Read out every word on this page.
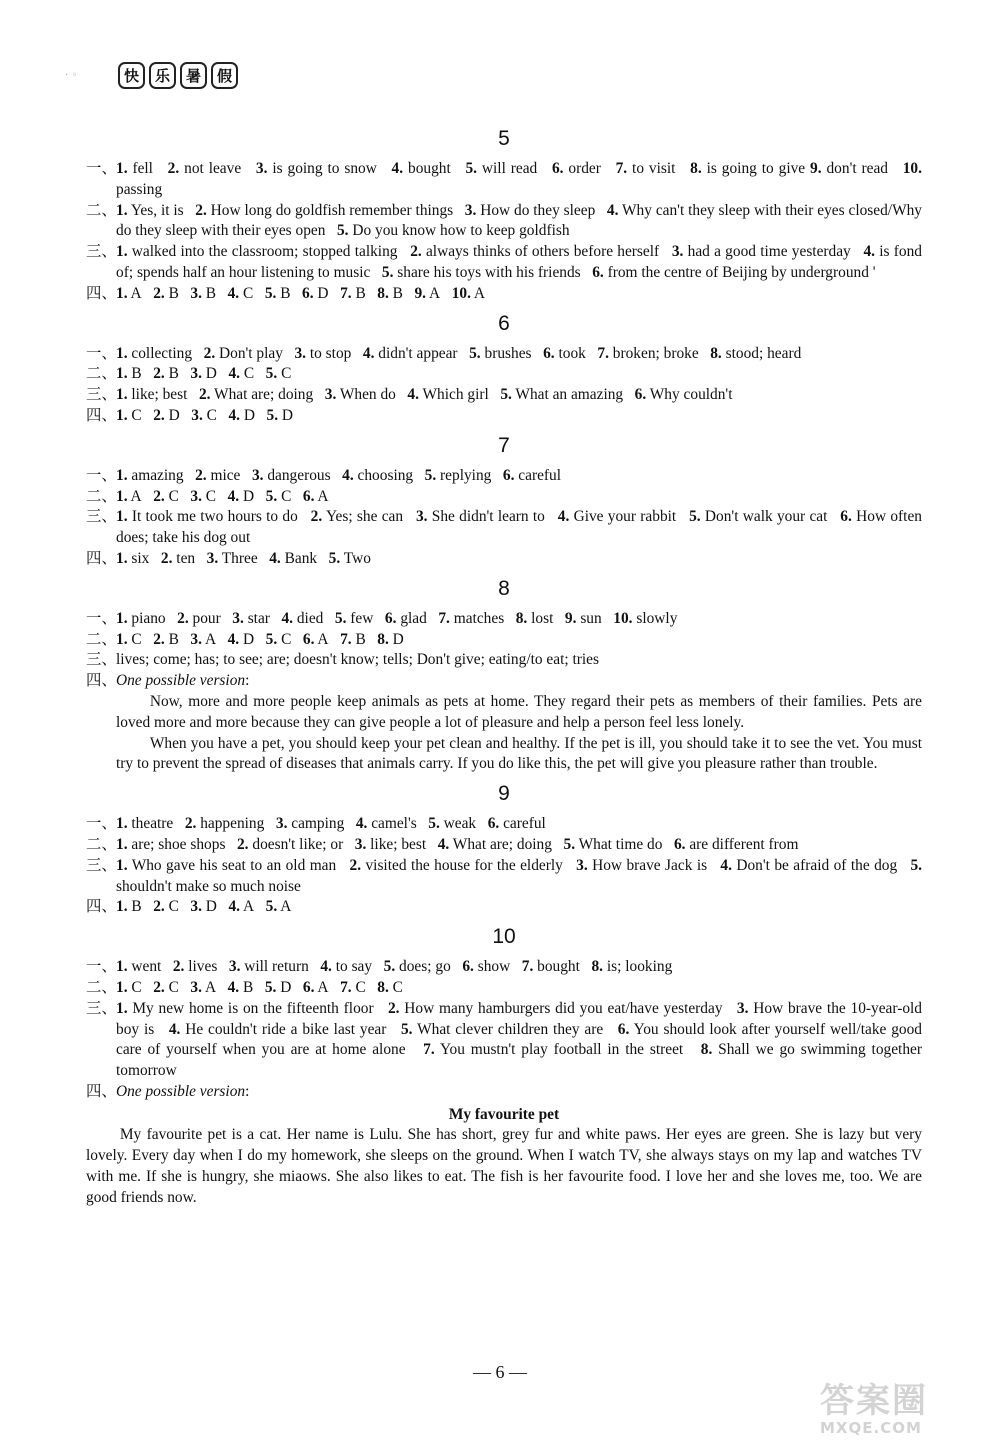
· ◦	快	乐	暑	假
5
一、 1. fell   2. not leave   3. is going to snow   4. bought   5. will read   6. order   7. to visit   8. is going to give 9. don't read   10. passing
二、 1. Yes, it is   2. How long do goldfish remember things   3. How do they sleep   4. Why can't they sleep with their eyes closed/Why do they sleep with their eyes open   5. Do you know how to keep goldfish
三、 1. walked into the classroom; stopped talking   2. always thinks of others before herself   3. had a good time yesterday   4. is fond of; spends half an hour listening to music   5. share his toys with his friends   6. from the centre of Beijing by underground '
四、 1. A   2. B   3. B   4. C   5. B   6. D   7. B   8. B   9. A   10. A
6
一、 1. collecting   2. Don't play   3. to stop   4. didn't appear   5. brushes   6. took   7. broken; broke   8. stood; heard
二、 1. B   2. B   3. D   4. C   5. C
三、 1. like; best   2. What are; doing   3. When do   4. Which girl   5. What an amazing   6. Why couldn't
四、 1. C   2. D   3. C   4. D   5. D
7
一、 1. amazing   2. mice   3. dangerous   4. choosing   5. replying   6. careful
二、 1. A   2. C   3. C   4. D   5. C   6. A
三、 1. It took me two hours to do   2. Yes; she can   3. She didn't learn to   4. Give your rabbit   5. Don't walk your cat   6. How often does; take his dog out
四、 1. six   2. ten   3. Three   4. Bank   5. Two
8
一、 1. piano   2. pour   3. star   4. died   5. few   6. glad   7. matches   8. lost   9. sun   10. slowly
二、 1. C   2. B   3. A   4. D   5. C   6. A   7. B   8. D
三、 lives; come; has; to see; are; doesn't know; tells; Don't give; eating/to eat; tries
四、 One possible version:

Now, more and more people keep animals as pets at home. They regard their pets as members of their families. Pets are loved more and more because they can give people a lot of pleasure and help a person feel less lonely.

When you have a pet, you should keep your pet clean and healthy. If the pet is ill, you should take it to see the vet. You must try to prevent the spread of diseases that animals carry. If you do like this, the pet will give you pleasure rather than trouble.

9
一、 1. theatre   2. happening   3. camping   4. camel's   5. weak   6. careful
二、 1. are; shoe shops   2. doesn't like; or   3. like; best   4. What are; doing   5. What time do   6. are different from
三、 1. Who gave his seat to an old man   2. visited the house for the elderly   3. How brave Jack is   4. Don't be afraid of the dog   5. shouldn't make so much noise
四、 1. B   2. C   3. D   4. A   5. A
10
一、 1. went   2. lives   3. will return   4. to say   5. does; go   6. show   7. bought   8. is; looking
二、 1. C   2. C   3. A   4. B   5. D   6. A   7. C   8. C
三、 1. My new home is on the fifteenth floor   2. How many hamburgers did you eat/have yesterday   3. How brave the 10-year-old boy is   4. He couldn't ride a bike last year   5. What clever children they are   6. You should look after yourself well/take good care of yourself when you are at home alone   7. You mustn't play football in the street   8. Shall we go swimming together tomorrow
四、 One possible version:
My favourite pet

My favourite pet is a cat. Her name is Lulu. She has short, grey fur and white paws. Her eyes are green. She is lazy but very lovely. Every day when I do my homework, she sleeps on the ground. When I watch TV, she always stays on my lap and watches TV with me. If she is hungry, she miaows. She also likes to eat. The fish is her favourite food. I love her and she loves me, too. We are good friends now.

— 6 —
答案圈
MXQE.COM
